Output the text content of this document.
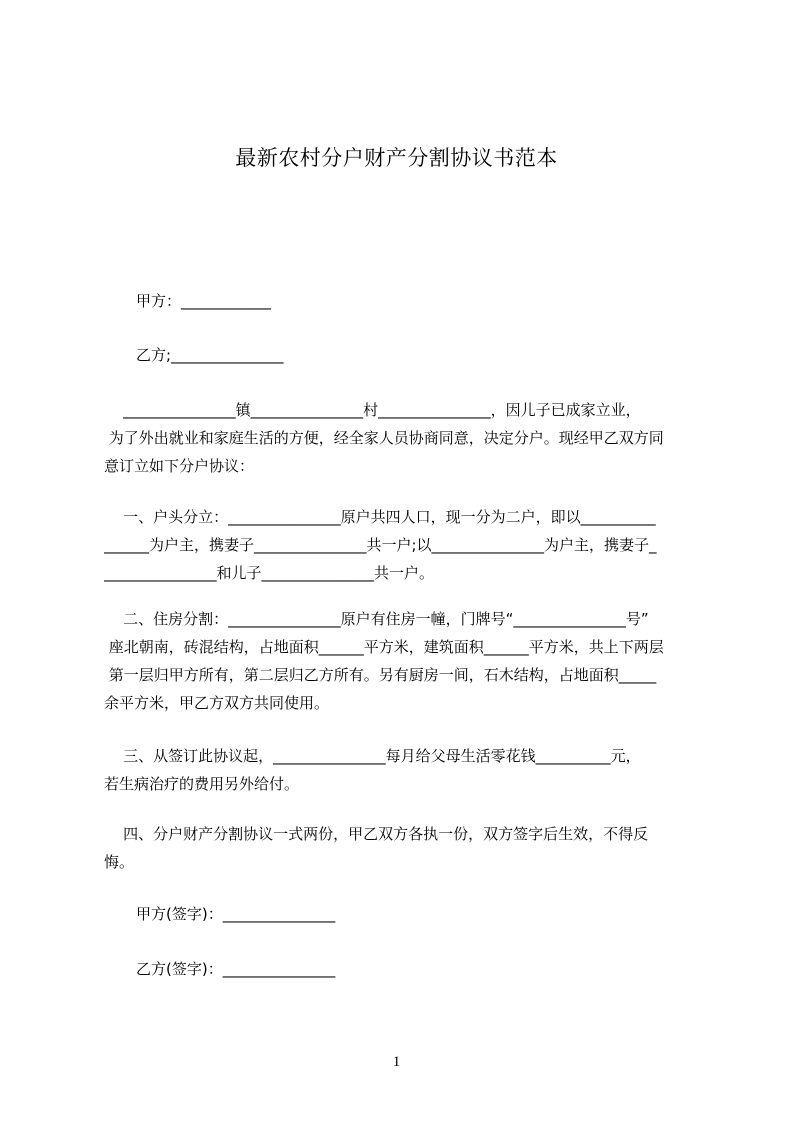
最新农村分户财产分割协议书范本
甲方：____________
乙方;_______________
_______________镇_______________村_______________，因儿子已成家立业，
为了外出就业和家庭生活的方便，经全家人员协商同意，决定分户。现经甲乙双方同
意订立如下分户协议：
一、户头分立：_______________原户共四人口，现一分为二户，即以__________
______为户主，携妻子_______________共一户;以_______________为户主，携妻子_
_______________和儿子_______________共一户。
二、住房分割：_______________原户有住房一幢，门牌号“_______________号”
座北朝南，砖混结构，占地面积______平方米，建筑面积______平方米，共上下两层
第一层归甲方所有，第二层归乙方所有。另有厨房一间，石木结构，占地面积_____
余平方米，甲乙方双方共同使用。
三、从签订此协议起，_______________每月给父母生活零花钱__________元，
若生病治疗的费用另外给付。
四、分户财产分割协议一式两份，甲乙双方各执一份，双方签字后生效，不得反
悔。
甲方(签字)：_______________
乙方(签字)：_______________
1
